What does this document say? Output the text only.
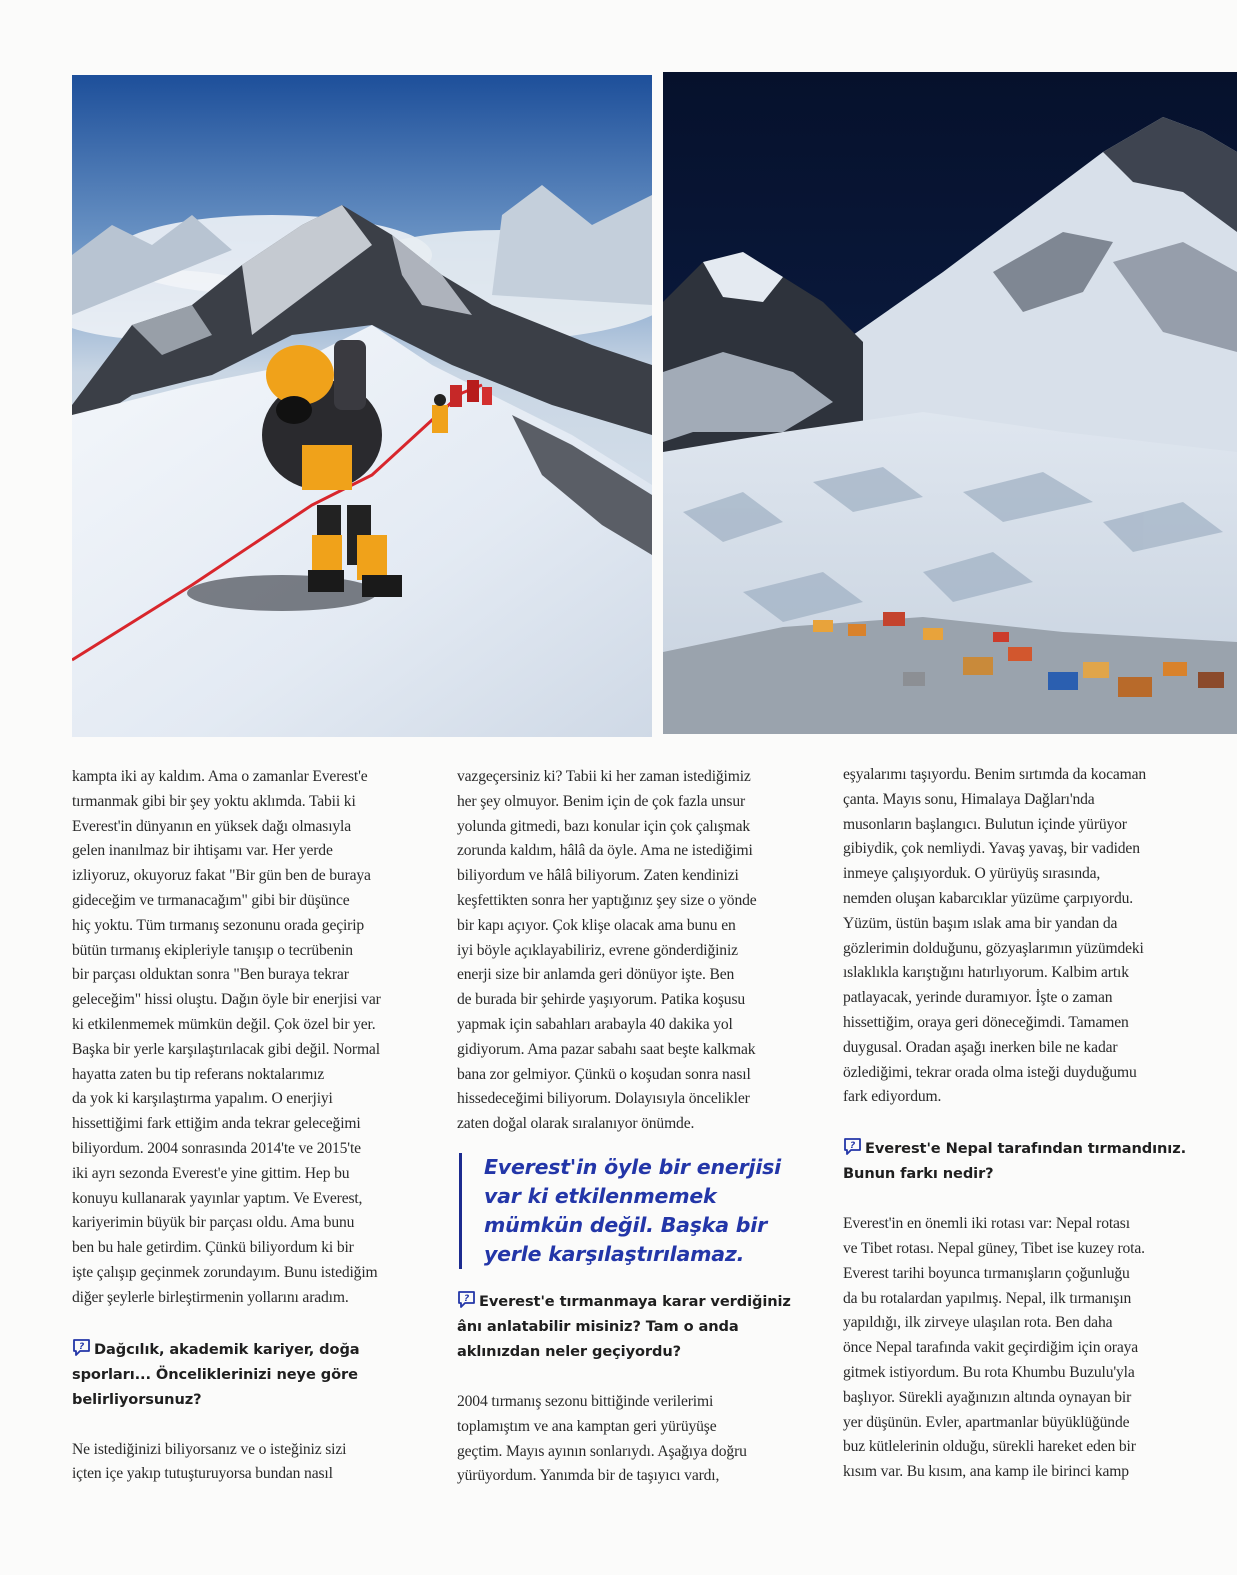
kampta iki ay kaldım. Ama o zamanlar Everest'e
tırmanmak gibi bir şey yoktu aklımda. Tabii ki
Everest'in dünyanın en yüksek dağı olmasıyla
gelen inanılmaz bir ihtişamı var. Her yerde
izliyoruz, okuyoruz fakat "Bir gün ben de buraya
gideceğim ve tırmanacağım" gibi bir düşünce
hiç yoktu. Tüm tırmanış sezonunu orada geçirip
bütün tırmanış ekipleriyle tanışıp o tecrübenin
bir parçası olduktan sonra "Ben buraya tekrar
geleceğim" hissi oluştu. Dağın öyle bir enerjisi var
ki etkilenmemek mümkün değil. Çok özel bir yer.
Başka bir yerle karşılaştırılacak gibi değil. Normal
hayatta zaten bu tip referans noktalarımız
da yok ki karşılaştırma yapalım. O enerjiyi
hissettiğimi fark ettiğim anda tekrar geleceğimi
biliyordum. 2004 sonrasında 2014'te ve 2015'te
iki ayrı sezonda Everest'e yine gittim. Hep bu
konuyu kullanarak yayınlar yaptım. Ve Everest,
kariyerimin büyük bir parçası oldu. Ama bunu
ben bu hale getirdim. Çünkü biliyordum ki bir
işte çalışıp geçinmek zorundayım. Bunu istediğim
diğer şeylerle birleştirmenin yollarını aradım.
? Dağcılık, akademik kariyer, doğa
sporları... Önceliklerinizi neye göre
belirliyorsunuz?
Ne istediğinizi biliyorsanız ve o isteğiniz sizi
içten içe yakıp tutuşturuyorsa bundan nasıl
vazgeçersiniz ki? Tabii ki her zaman istediğimiz
her şey olmuyor. Benim için de çok fazla unsur
yolunda gitmedi, bazı konular için çok çalışmak
zorunda kaldım, hâlâ da öyle. Ama ne istediğimi
biliyordum ve hâlâ biliyorum. Zaten kendinizi
keşfettikten sonra her yaptığınız şey size o yönde
bir kapı açıyor. Çok klişe olacak ama bunu en
iyi böyle açıklayabiliriz, evrene gönderdiğiniz
enerji size bir anlamda geri dönüyor işte. Ben
de burada bir şehirde yaşıyorum. Patika koşusu
yapmak için sabahları arabayla 40 dakika yol
gidiyorum. Ama pazar sabahı saat beşte kalkmak
bana zor gelmiyor. Çünkü o koşudan sonra nasıl
hissedeceğimi biliyorum. Dolayısıyla öncelikler
zaten doğal olarak sıralanıyor önümde.
Everest'in öyle bir enerjisi
var ki etkilenmemek
mümkün değil. Başka bir
yerle karşılaştırılamaz.
? Everest'e tırmanmaya karar verdiğiniz
ânı anlatabilir misiniz? Tam o anda
aklınızdan neler geçiyordu?
2004 tırmanış sezonu bittiğinde verilerimi
toplamıştım ve ana kamptan geri yürüyüşe
geçtim. Mayıs ayının sonlarıydı. Aşağıya doğru
yürüyordum. Yanımda bir de taşıyıcı vardı,
eşyalarımı taşıyordu. Benim sırtımda da kocaman
çanta. Mayıs sonu, Himalaya Dağları'nda
musonların başlangıcı. Bulutun içinde yürüyor
gibiydik, çok nemliydi. Yavaş yavaş, bir vadiden
inmeye çalışıyorduk. O yürüyüş sırasında,
nemden oluşan kabarcıklar yüzüme çarpıyordu.
Yüzüm, üstün başım ıslak ama bir yandan da
gözlerimin dolduğunu, gözyaşlarımın yüzümdeki
ıslaklıkla karıştığını hatırlıyorum. Kalbim artık
patlayacak, yerinde duramıyor. İşte o zaman
hissettiğim, oraya geri döneceğimdi. Tamamen
duygusal. Oradan aşağı inerken bile ne kadar
özlediğimi, tekrar orada olma isteği duyduğumu
fark ediyordum.
? Everest'e Nepal tarafından tırmandınız.
Bunun farkı nedir?
Everest'in en önemli iki rotası var: Nepal rotası
ve Tibet rotası. Nepal güney, Tibet ise kuzey rota.
Everest tarihi boyunca tırmanışların çoğunluğu
da bu rotalardan yapılmış. Nepal, ilk tırmanışın
yapıldığı, ilk zirveye ulaşılan rota. Ben daha
önce Nepal tarafında vakit geçirdiğim için oraya
gitmek istiyordum. Bu rota Khumbu Buzulu'yla
başlıyor. Sürekli ayağınızın altında oynayan bir
yer düşünün. Evler, apartmanlar büyüklüğünde
buz kütlelerinin olduğu, sürekli hareket eden bir
kısım var. Bu kısım, ana kamp ile birinci kamp
